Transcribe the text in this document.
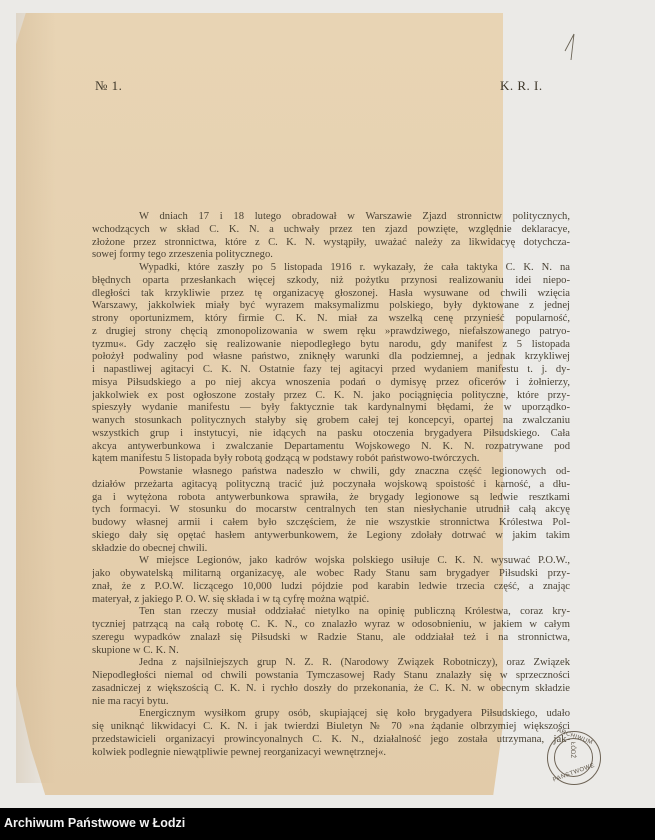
№ 1.	K. R. I.
W dniach 17 i 18 lutego obradował w Warszawie Zjazd stronnictw politycznych,
wchodzących w skład C. K. N. a uchwały przez ten zjazd powzięte, względnie deklaracye,
złożone przez stronnictwa, które z C. K. N. wystąpiły, uważać należy za likwidacyę dotychcza-
sowej formy tego zrzeszenia politycznego.
Wypadki, które zaszły po 5 listopada 1916 r. wykazały, że cała taktyka C. K. N. na
błędnych oparta przesłankach więcej szkody, niż pożytku przynosi realizowaniu idei niepo-
dległości tak krzykliwie przez tę organizacyę głoszonej. Hasła wysuwane od chwili wzięcia
Warszawy, jakkolwiek miały być wyrazem maksymalizmu polskiego, były dyktowane z jednej
strony oportunizmem, który firmie C. K. N. miał za wszelką cenę przynieść popularność,
z drugiej strony chęcią zmonopolizowania w swem ręku »prawdziwego, niefałszowanego patryo-
tyzmu«. Gdy zaczęło się realizowanie niepodległego bytu narodu, gdy manifest z 5 listopada
położył podwaliny pod własne państwo, zniknęły warunki dla podziemnej, a jednak krzykliwej
i napastliwej agitacyi C. K. N. Ostatnie fazy tej agitacyi przed wydaniem manifestu t. j. dy-
misya Piłsudskiego a po niej akcya wnoszenia podań o dymisyę przez oficerów i żołnierzy,
jakkolwiek ex post ogłoszone zostały przez C. K. N. jako pociągnięcia polityczne, które przy-
spieszyły wydanie manifestu — były faktycznie tak kardynalnymi błędami, że w uporządko-
wanych stosunkach politycznych stałyby się grobem całej tej koncepcyi, opartej na zwalczaniu
wszystkich grup i instytucyi, nie idących na pasku otoczenia brygadyera Piłsudskiego. Cała
akcya antywerbunkowa i zwalczanie Departamentu Wojskowego N. K. N. rozpatrywane pod
kątem manifestu 5 listopada były robotą godzącą w podstawy robót państwowo-twórczych.
Powstanie własnego państwa nadeszło w chwili, gdy znaczna część legionowych od-
działów przeżarta agitacyą polityczną tracić już poczynała wojskową spoistość i karność, a dłu-
ga i wytężona robota antywerbunkowa sprawiła, że brygady legionowe są ledwie resztkami
tych formacyi. W stosunku do mocarstw centralnych ten stan niesłychanie utrudnił całą akcyę
budowy własnej armii i całem było szczęściem, że nie wszystkie stronnictwa Królestwa Pol-
skiego dały się opętać hasłem antywerbunkowem, że Legiony zdołały dotrwać w jakim takim
składzie do obecnej chwili.
W miejsce Legionów, jako kadrów wojska polskiego usiłuje C. K. N. wysuwać P.O.W.,
jako obywatelską militarną organizacyę, ale wobec Rady Stanu sam brygadyer Piłsudski przy-
znał, że z P.O.W. liczącego 10,000 ludzi pójdzie pod karabin ledwie trzecia część, a znając
materyał, z jakiego P. O. W. się składa i w tą cyfrę można wątpić.
Ten stan rzeczy musiał oddziałać nietylko na opinię publiczną Królestwa, coraz kry-
tyczniej patrzącą na całą robotę C. K. N., co znalazło wyraz w odosobnieniu, w jakiem w całym
szeregu wypadków znalazł się Piłsudski w Radzie Stanu, ale oddziałał też i na stronnictwa,
skupione w C. K. N.
Jedna z najsilniejszych grup N. Z. R. (Narodowy Związek Robotniczy), oraz Związek
Niepodległości niemal od chwili powstania Tymczasowej Rady Stanu znalazły się w sprzeczności
zasadniczej z większością C. K. N. i rychło doszły do przekonania, że C. K. N. w obecnym składzie
nie ma racyi bytu.
Energicznym wysiłkom grupy osób, skupiającej się koło brygadyera Piłsudskiego, udało
się uniknąć likwidacyi C. K. N. i jak twierdzi Biuletyn № 70 »na żądanie olbrzymiej większości
przedstawicieli organizacyi prowincyonalnych C. K. N., działalność jego została utrzymana, jak-
kolwiek podlegnie niewątpliwie pewnej reorganizacyi wewnętrznej«.
ARCHIWUM
ŁÓDŹ
PAŃSTWOWE
Archiwum Państwowe w Łodzi
